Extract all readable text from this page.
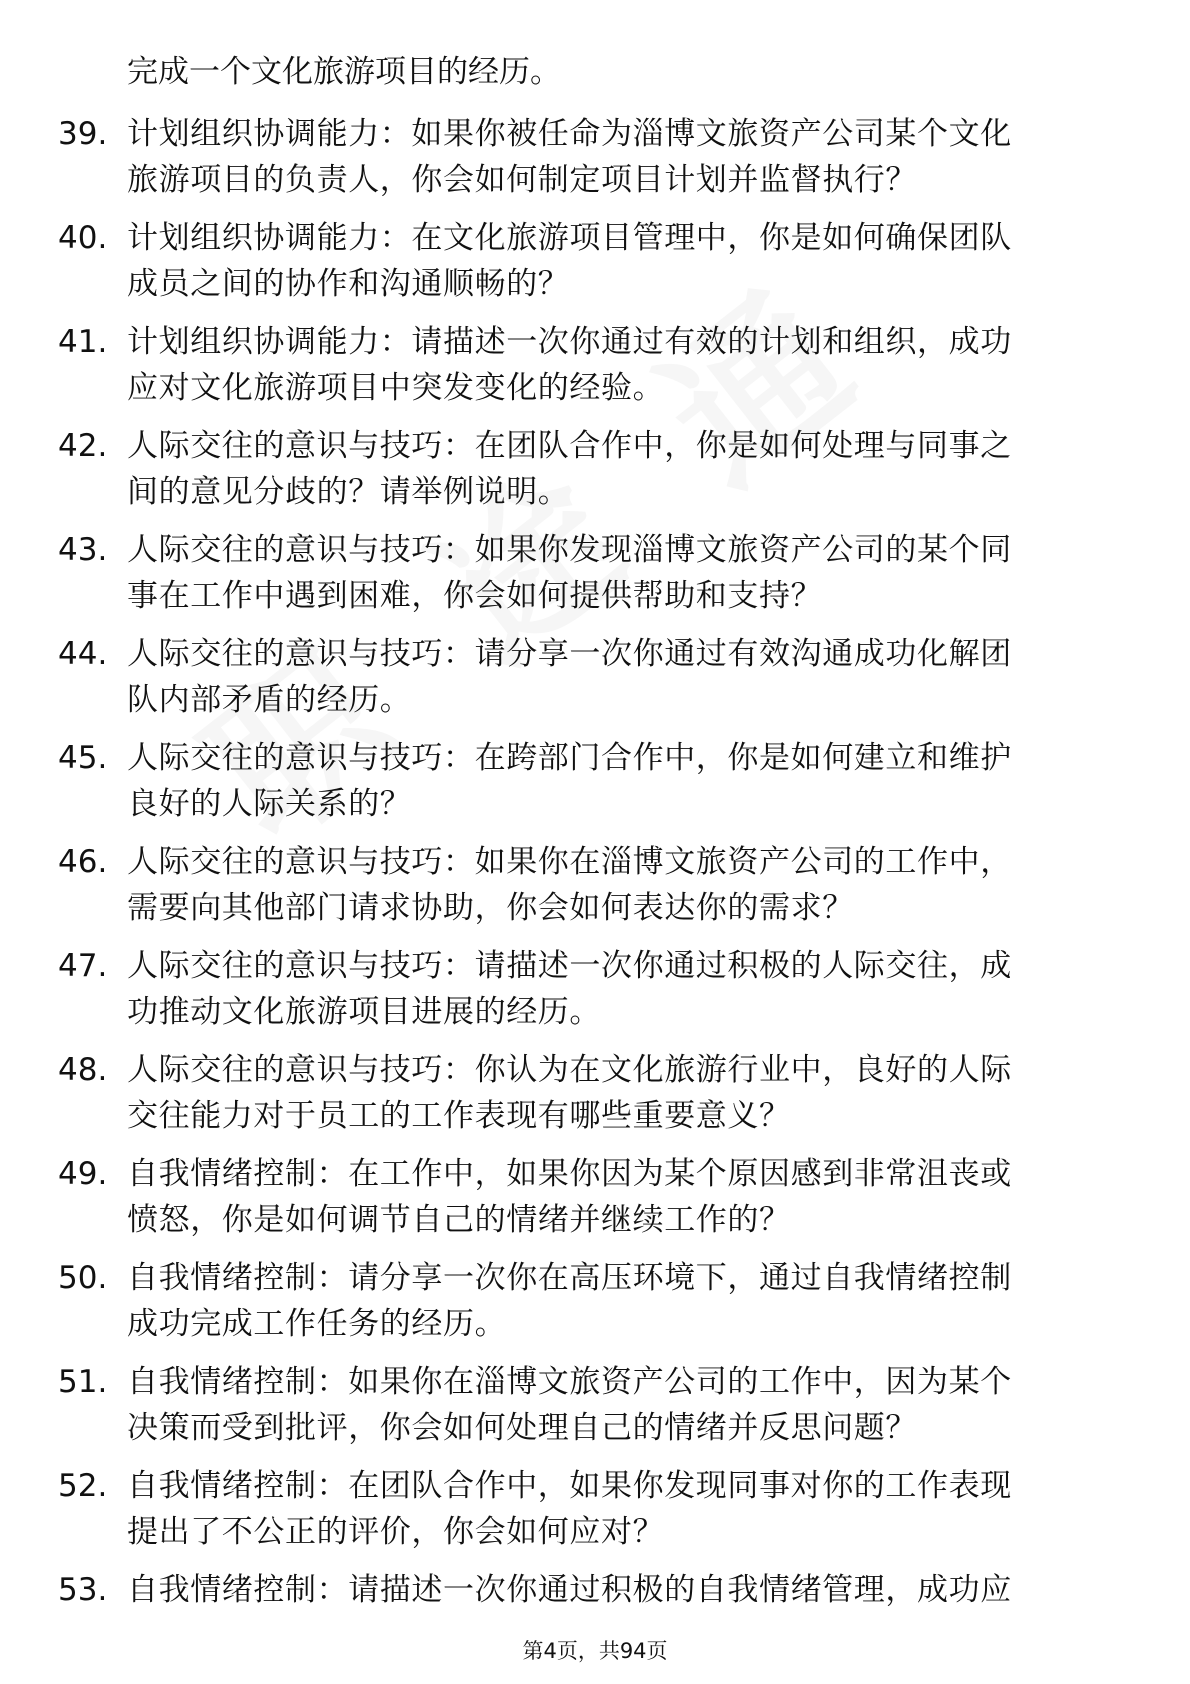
完成一个文化旅游项目的经历。
39. 计划组织协调能力：如果你被任命为淄博文旅资产公司某个文化
旅游项目的负责人，你会如何制定项目计划并监督执行？
40. 计划组织协调能力：在文化旅游项目管理中，你是如何确保团队
成员之间的协作和沟通顺畅的？
41. 计划组织协调能力：请描述一次你通过有效的计划和组织，成功
应对文化旅游项目中突发变化的经验。
42. 人际交往的意识与技巧：在团队合作中，你是如何处理与同事之
间的意见分歧的？请举例说明。
43. 人际交往的意识与技巧：如果你发现淄博文旅资产公司的某个同
事在工作中遇到困难，你会如何提供帮助和支持？
44. 人际交往的意识与技巧：请分享一次你通过有效沟通成功化解团
队内部矛盾的经历。
45. 人际交往的意识与技巧：在跨部门合作中，你是如何建立和维护
良好的人际关系的？
46. 人际交往的意识与技巧：如果你在淄博文旅资产公司的工作中，
需要向其他部门请求协助，你会如何表达你的需求？
47. 人际交往的意识与技巧：请描述一次你通过积极的人际交往，成
功推动文化旅游项目进展的经历。
48. 人际交往的意识与技巧：你认为在文化旅游行业中，良好的人际
交往能力对于员工的工作表现有哪些重要意义？
49. 自我情绪控制：在工作中，如果你因为某个原因感到非常沮丧或
愤怒，你是如何调节自己的情绪并继续工作的？
50. 自我情绪控制：请分享一次你在高压环境下，通过自我情绪控制
成功完成工作任务的经历。
51. 自我情绪控制：如果你在淄博文旅资产公司的工作中，因为某个
决策而受到批评，你会如何处理自己的情绪并反思问题？
52. 自我情绪控制：在团队合作中，如果你发现同事对你的工作表现
提出了不公正的评价，你会如何应对？
53. 自我情绪控制：请描述一次你通过积极的自我情绪管理，成功应
第4页，共94页
